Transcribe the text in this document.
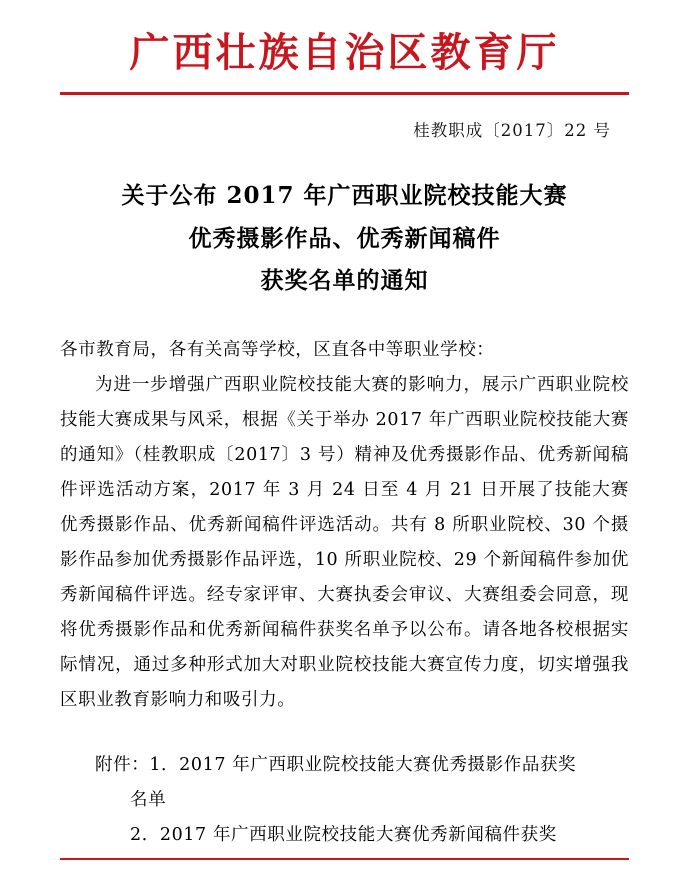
广西壮族自治区教育厅
桂教职成〔2017〕22 号
关于公布 2017 年广西职业院校技能大赛
优秀摄影作品、优秀新闻稿件
获奖名单的通知

各市教育局，各有关高等学校，区直各中等职业学校：

为进一步增强广西职业院校技能大赛的影响力，展示广西职业院校技能大赛成果与风采，根据《关于举办 2017 年广西职业院校技能大赛的通知》（桂教职成〔2017〕3 号）精神及优秀摄影作品、优秀新闻稿件评选活动方案，2017 年 3 月 24 日至 4 月 21 日开展了技能大赛优秀摄影作品、优秀新闻稿件评选活动。共有 8 所职业院校、30 个摄影作品参加优秀摄影作品评选，10 所职业院校、29 个新闻稿件参加优秀新闻稿件评选。经专家评审、大赛执委会审议、大赛组委会同意，现将优秀摄影作品和优秀新闻稿件获奖名单予以公布。请各地各校根据实际情况，通过多种形式加大对职业院校技能大赛宣传力度，切实增强我区职业教育影响力和吸引力。

附件：1．2017 年广西职业院校技能大赛优秀摄影作品获奖
名单
2．2017 年广西职业院校技能大赛优秀新闻稿件获奖
